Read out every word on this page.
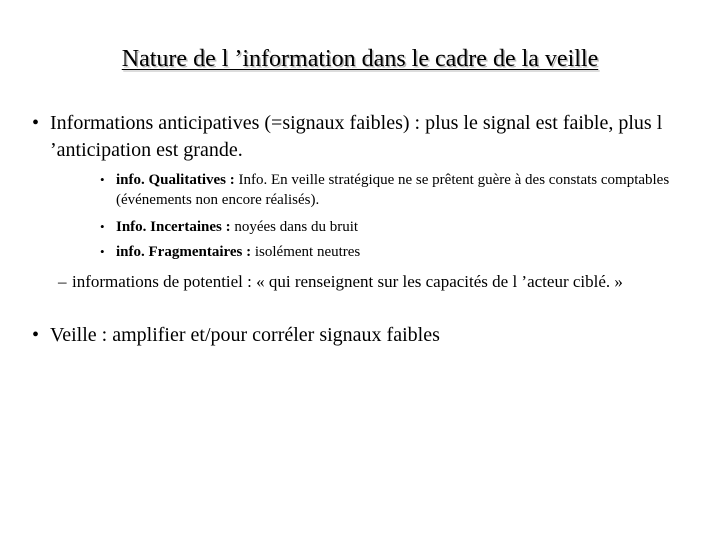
Nature de l ’information dans le cadre de la veille
• Informations anticipatives (=signaux faibles) : plus le signal est faible, plus l ’anticipation est grande.
• info. Qualitatives : Info. En veille stratégique ne se prêtent guère à des constats comptables (événements non encore réalisés).
• Info. Incertaines : noyées dans du bruit
• info. Fragmentaires : isolément neutres
– informations de potentiel : « qui renseignent sur les capacités de l ’acteur ciblé. »
• Veille : amplifier et/pour corréler signaux faibles
